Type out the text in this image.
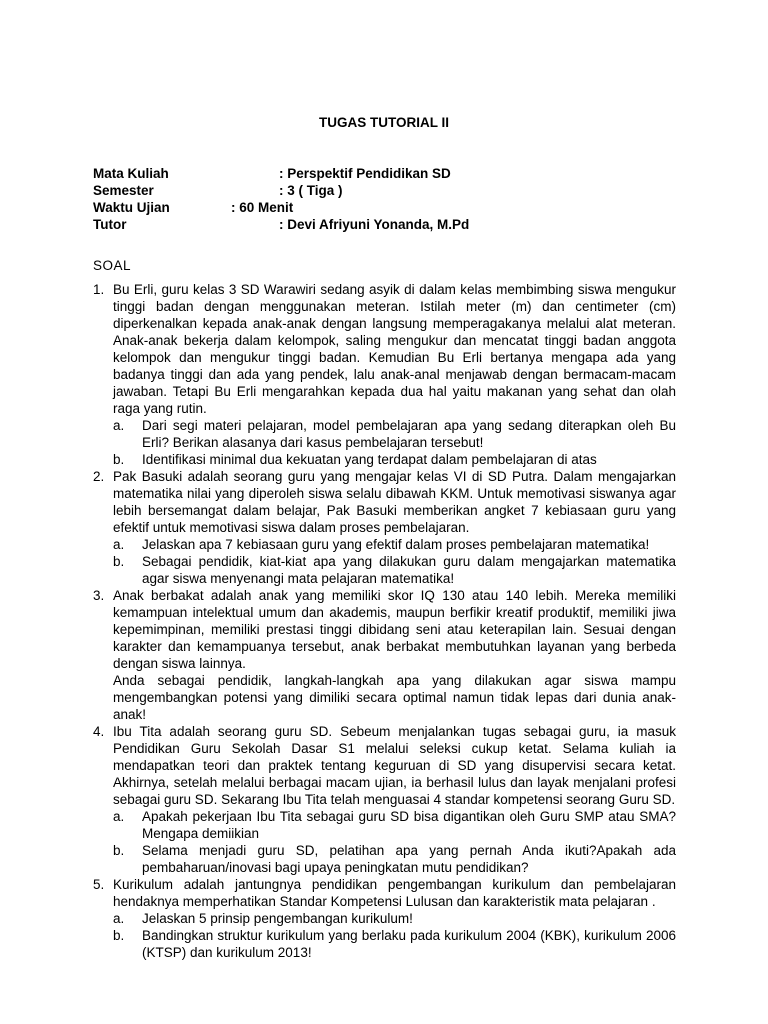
TUGAS TUTORIAL II
Mata Kuliah	: Perspektif Pendidikan SD
Semester	: 3 ( Tiga )
Waktu Ujian	: 60 Menit
Tutor	: Devi Afriyuni Yonanda, M.Pd
SOAL
1. Bu Erli, guru kelas 3 SD Warawiri sedang asyik di dalam kelas membimbing siswa mengukur tinggi badan dengan menggunakan meteran. Istilah meter (m) dan centimeter (cm) diperkenalkan kepada anak-anak dengan langsung memperagakanya melalui alat meteran. Anak-anak bekerja dalam kelompok, saling mengukur dan mencatat tinggi badan anggota kelompok dan mengukur tinggi badan. Kemudian Bu Erli bertanya mengapa ada yang badanya tinggi dan ada yang pendek, lalu anak-anal menjawab dengan bermacam-macam jawaban. Tetapi Bu Erli mengarahkan kepada dua hal yaitu makanan yang sehat dan olah raga yang rutin.

a. Dari segi materi pelajaran, model pembelajaran apa yang sedang diterapkan oleh Bu Erli? Berikan alasanya dari kasus pembelajaran tersebut!
b. Identifikasi minimal dua kekuatan yang terdapat dalam pembelajaran di atas
2. Pak Basuki adalah seorang guru yang mengajar kelas VI di SD Putra. Dalam mengajarkan matematika nilai yang diperoleh siswa selalu dibawah KKM. Untuk memotivasi siswanya agar lebih bersemangat dalam belajar, Pak Basuki memberikan angket 7 kebiasaan guru yang efektif untuk memotivasi siswa dalam proses pembelajaran.

a. Jelaskan apa 7 kebiasaan guru yang efektif dalam proses pembelajaran matematika!
b. Sebagai pendidik, kiat-kiat apa yang dilakukan guru dalam mengajarkan matematika agar siswa menyenangi mata pelajaran matematika!
3. Anak berbakat adalah anak yang memiliki skor IQ 130 atau 140 lebih. Mereka memiliki kemampuan intelektual umum dan akademis, maupun berfikir kreatif produktif, memiliki jiwa kepemimpinan, memiliki prestasi tinggi dibidang seni atau keterapilan lain. Sesuai dengan karakter dan kemampuanya tersebut, anak berbakat membutuhkan layanan yang berbeda dengan siswa lainnya.

Anda sebagai pendidik, langkah-langkah apa yang dilakukan agar siswa mampu mengembangkan potensi yang dimiliki secara optimal namun tidak lepas dari dunia anak-anak!

4. Ibu Tita adalah seorang guru SD. Sebeum menjalankan tugas sebagai guru, ia masuk Pendidikan Guru Sekolah Dasar S1 melalui seleksi cukup ketat. Selama kuliah ia mendapatkan teori dan praktek tentang keguruan di SD yang disupervisi secara ketat. Akhirnya, setelah melalui berbagai macam ujian, ia berhasil lulus dan layak menjalani profesi sebagai guru SD. Sekarang Ibu Tita telah menguasai 4 standar kompetensi seorang Guru SD.

a. Apakah pekerjaan Ibu Tita sebagai guru SD bisa digantikan oleh Guru SMP atau SMA? Mengapa demiikian
b. Selama menjadi guru SD, pelatihan apa yang pernah Anda ikuti?Apakah ada pembaharuan/inovasi bagi upaya peningkatan mutu pendidikan?
5. Kurikulum adalah jantungnya pendidikan pengembangan kurikulum dan pembelajaran hendaknya memperhatikan Standar Kompetensi Lulusan dan karakteristik mata pelajaran .

a. Jelaskan 5 prinsip pengembangan kurikulum!
b. Bandingkan struktur kurikulum yang berlaku pada kurikulum 2004 (KBK), kurikulum 2006 (KTSP) dan kurikulum 2013!
